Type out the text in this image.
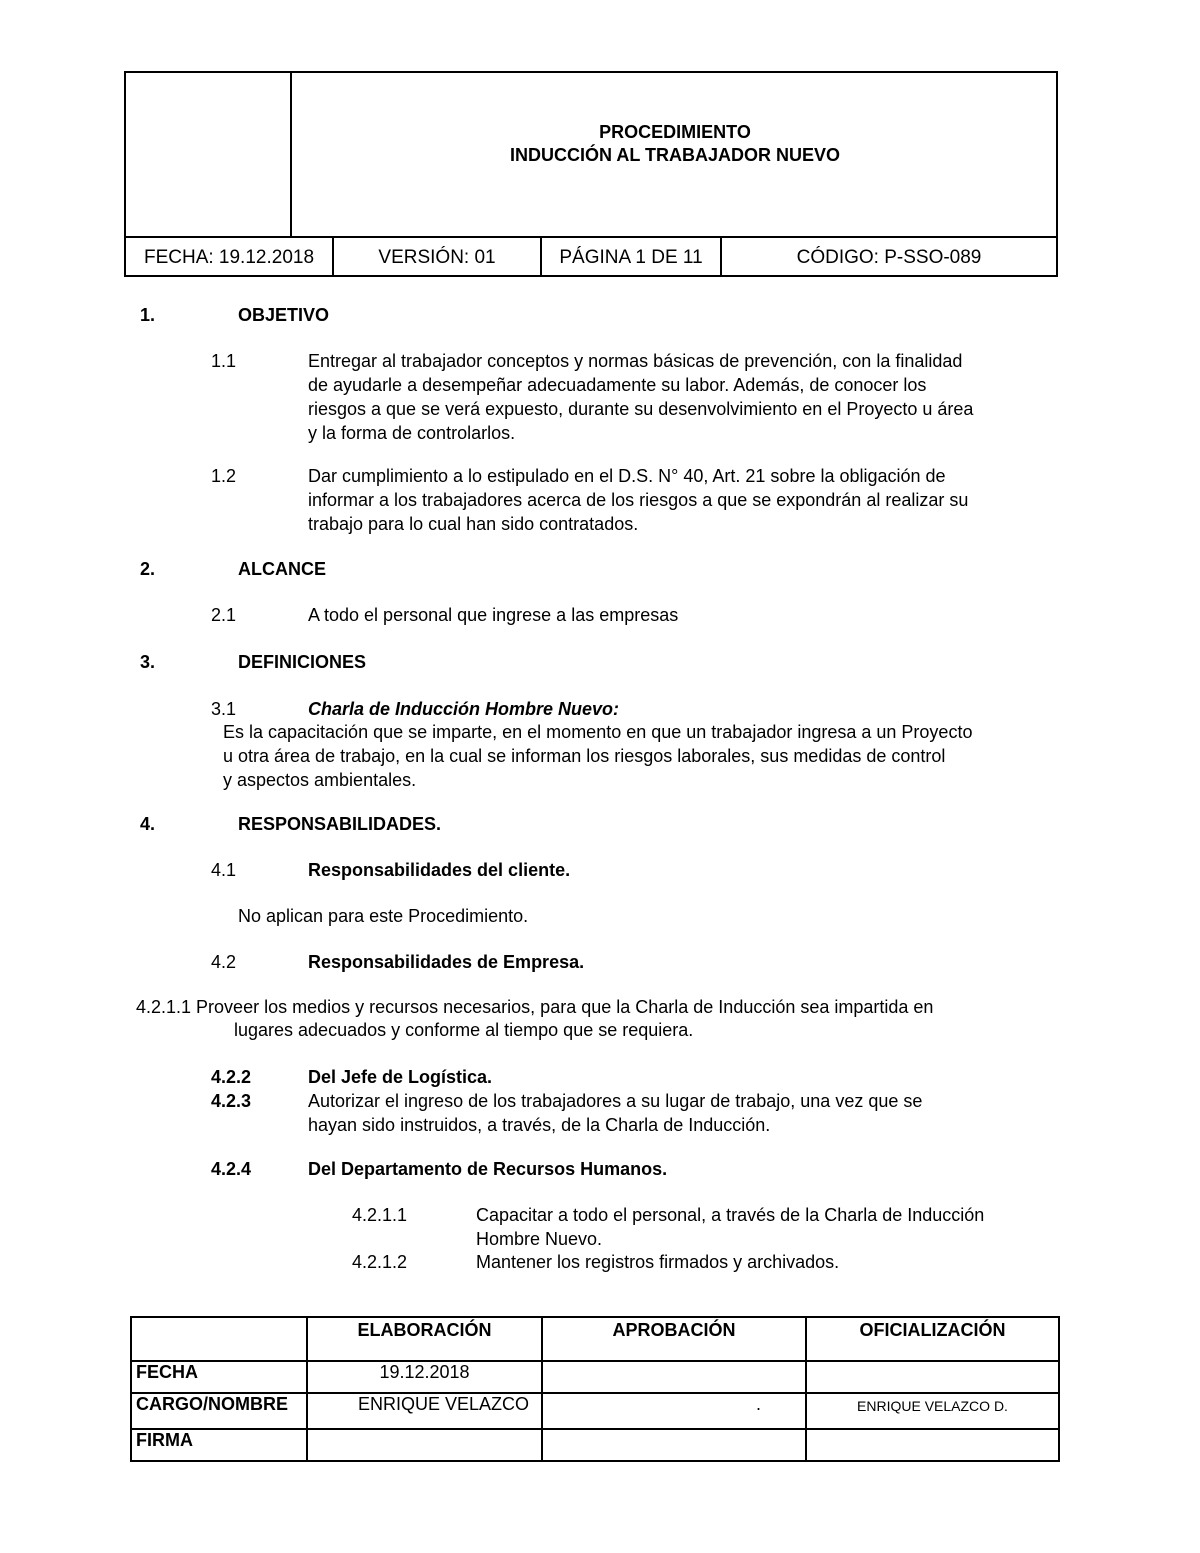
PROCEDIMIENTO
INDUCCIÓN AL TRABAJADOR NUEVO
FECHA: 19.12.2018	VERSIÓN: 01	PÁGINA 1 DE 11	CÓDIGO: P-SSO-089
1.	OBJETIVO
1.1	Entregar al trabajador conceptos y normas básicas de prevención, con la finalidad
de ayudarle a desempeñar adecuadamente su labor. Además, de conocer los
riesgos a que se verá expuesto, durante su desenvolvimiento en el Proyecto u área
y la forma de controlarlos.
1.2	Dar cumplimiento a lo estipulado en el D.S. N° 40, Art. 21 sobre la obligación de
informar a los trabajadores acerca de los riesgos a que se expondrán al realizar su
trabajo para lo cual han sido contratados.
2.	ALCANCE
2.1	A todo el personal que ingrese a las empresas
3.	DEFINICIONES
3.1	Charla de Inducción Hombre Nuevo:
Es la capacitación que se imparte, en el momento en que un trabajador ingresa a un Proyecto
u otra área de trabajo, en la cual se informan los riesgos laborales, sus medidas de control
y aspectos ambientales.
4.	RESPONSABILIDADES.
4.1	Responsabilidades del cliente.
No aplican para este Procedimiento.
4.2	Responsabilidades de Empresa.
4.2.1.1 Proveer los medios y recursos necesarios, para que la Charla de Inducción sea impartida en
lugares adecuados y conforme al tiempo que se requiera.
4.2.2	Del Jefe de Logística.
4.2.3	Autorizar el ingreso de los trabajadores a su lugar de trabajo, una vez que se
hayan sido instruidos, a través, de la Charla de Inducción.
4.2.4	Del Departamento de Recursos Humanos.
4.2.1.1	Capacitar a todo el personal, a través de la Charla de Inducción
Hombre Nuevo.
4.2.1.2	Mantener los registros firmados y archivados.
	ELABORACIÓN	APROBACIÓN	OFICIALIZACIÓN
FECHA	19.12.2018		
CARGO/NOMBRE	ENRIQUE VELAZCO	.	ENRIQUE VELAZCO D.
FIRMA			
